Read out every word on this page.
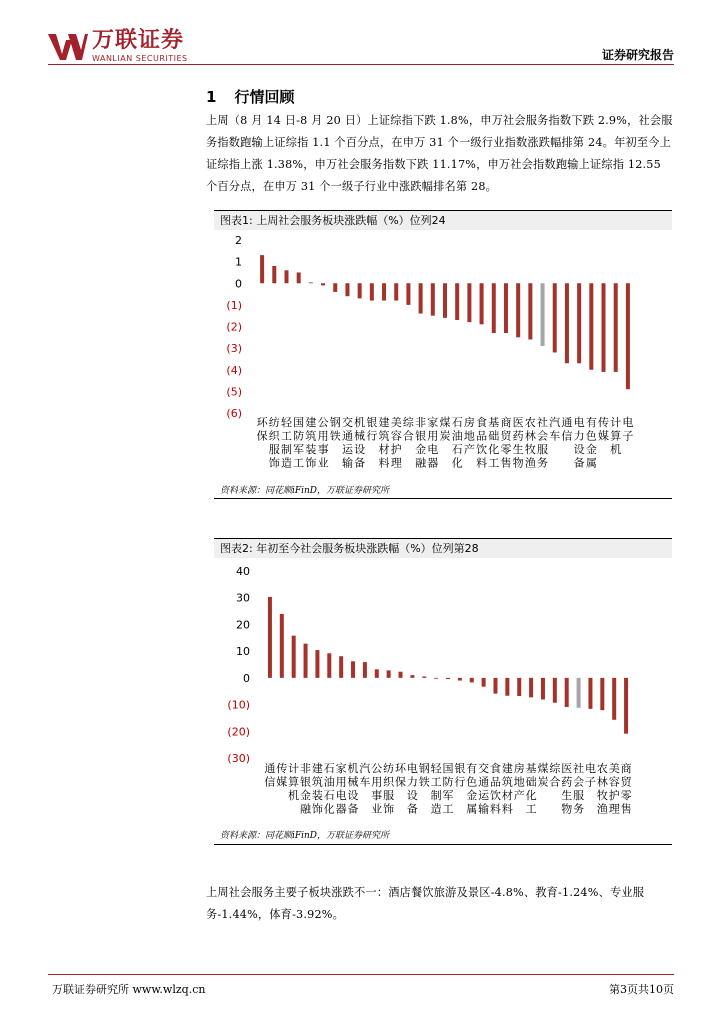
万联证券
WANLIAN SECURITIES	证券研究报告
1 行情回顾
上周（8 月 14 日-8 月 20 日）上证综指下跌 1.8%，申万社会服务指数下跌 2.9%，社会服务指数跑输上证综指 1.1 个百分点，在申万 31 个一级行业指数涨跌幅排第 24。年初至今上证综指上涨 1.38%，申万社会服务指数下跌 11.17%，申万社会指数跑输上证综指 12.55 个百分点，在申万 31 个一级子行业中涨跌幅排名第 28。
图表1: 上周社会服务板块涨跌幅（%）位列24
2
1
0
(1)
(2)
(3)
(4)
(5)
(6)
环
保
纺
织
服
饰
轻
工
制
造
国
防
军
工
建
筑
装
饰
公
用
事
业
钢
铁
交
通
运
输
机
械
设
备
银
行
建
筑
材
料
美
容
护
理
综
合
非
银
金
融
家
用
电
器
煤
炭
石
油
石
化
房
地
产
食
品
饮
料
基
础
化
工
商
贸
零
售
医
药
生
物
农
林
牧
渔
社
会
服
务
汽
车
通
信
电
力
设
备
有
色
金
属
传
媒
计
算
机
电
子
资料来源：同花顺iFinD，万联证券研究所
图表2: 年初至今社会服务板块涨跌幅（%）位列第28
40
30
20
10
0
(10)
(20)
(30)
通
信
传
媒
计
算
机
非
银
金
融
建
筑
装
饰
石
油
石
化
家
用
电
器
机
械
设
备
汽
车
公
用
事
业
纺
织
服
饰
环
保
电
力
设
备
钢
铁
轻
工
制
造
国
防
军
工
银
行
有
色
金
属
交
通
运
输
食
品
饮
料
建
筑
材
料
房
地
产
基
础
化
工
煤
炭
综
合
医
药
生
物
社
会
服
务
电
子
农
林
牧
渔
美
容
护
理
商
贸
零
售
资料来源：同花顺iFinD，万联证券研究所
上周社会服务主要子板块涨跌不一：酒店餐饮旅游及景区-4.8%、教育-1.24%、专业服务-1.44%，体育-3.92%。
万联证券研究所 www.wlzq.cn	第3页共10页
